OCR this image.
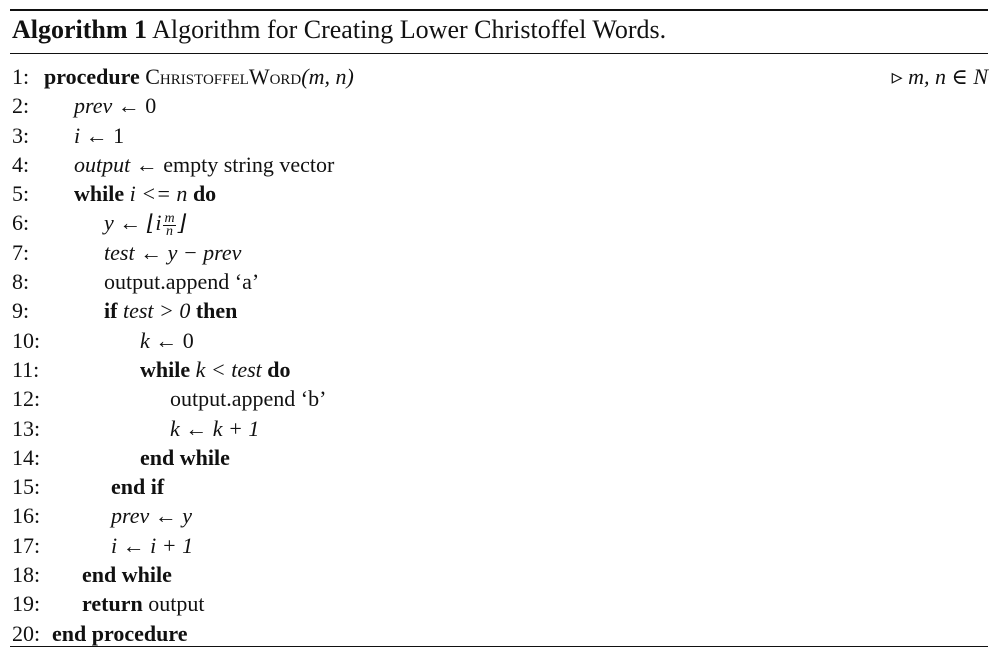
Algorithm 1 Algorithm for Creating Lower Christoffel Words.
1: procedure ChristoffelWord(m, n)	▹ m, n ∈ N
2:	prev ← 0
3:	i ← 1
4:	output ← empty string vector
5:	while i <= n do
6:	y ← ⌊i $\frac{m}{n}$ ⌋
7:	test ← y − prev
8:	output.append ‘a’
9:	if test > 0 then
10:	k ← 0
11:	while k < test do
12:	output.append ‘b’
13:	k ← k + 1
14:	end while
15:	end if
16:	prev ← y
17:	i ← i + 1
18: end while
19: return output
20: end procedure
